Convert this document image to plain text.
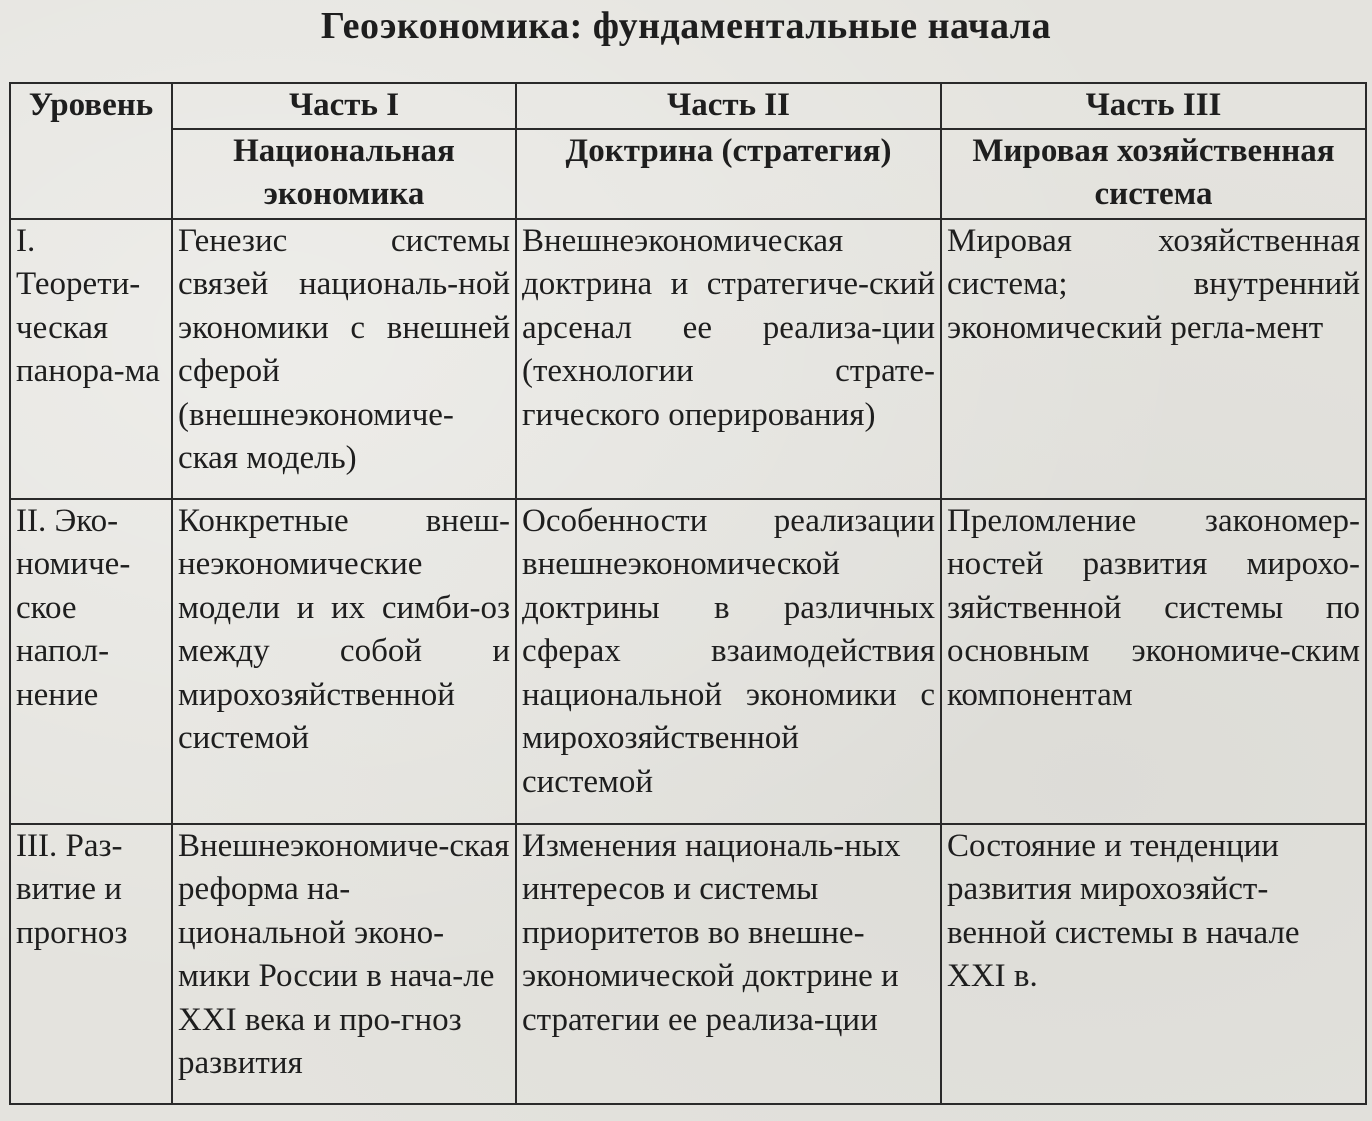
Геоэкономика: фундаментальные начала
Уровень	Часть I	Часть II	Часть III
	Национальная экономика	Доктрина (стратегия)	Мировая хозяйственная система
I. Теорети-ческая панора-ма	Генезис системы связей националь-ной экономики с внешней сферой (внешнеэкономиче-ская модель)	Внешнеэкономическая доктрина и стратегиче-ский арсенал ее реализа-ции (технологии страте-гического оперирования)	Мировая хозяйственная система; внутренний экономический регла-мент
II. Эко-номиче-ское напол-нение	Конкретные внеш-неэкономические модели и их симби-оз между собой и мирохозяйственной системой	Особенности реализации внешнеэкономической доктрины в различных сферах взаимодействия национальной экономики с мирохозяйственной системой	Преломление закономер-ностей развития мирохо-зяйственной системы по основным экономиче-ским компонентам
III. Раз-витие и прогноз	Внешнеэкономиче-ская реформа на-циональной эконо-мики России в нача-ле XXI века и про-гноз развития	Изменения националь-ных интересов и системы приоритетов во внешне-экономической доктрине и стратегии ее реализа-ции	Состояние и тенденции развития мирохозяйст-венной системы в начале XXI в.
